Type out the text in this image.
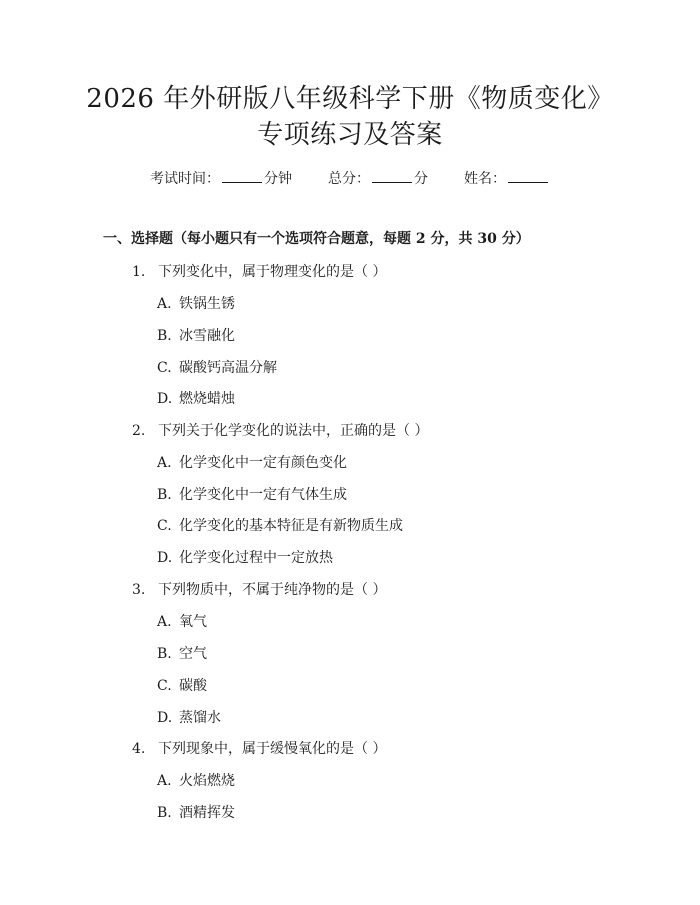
2026 年外研版八年级科学下册《物质变化》
专项练习及答案
考试时间：	分钟	总分：	分	姓名：
一、选择题（每小题只有一个选项符合题意，每题 2 分，共 30 分）
1. 下列变化中，属于物理变化的是（ ）
A. 铁锅生锈
B. 冰雪融化
C. 碳酸钙高温分解
D. 燃烧蜡烛
2. 下列关于化学变化的说法中，正确的是（ ）
A. 化学变化中一定有颜色变化
B. 化学变化中一定有气体生成
C. 化学变化的基本特征是有新物质生成
D. 化学变化过程中一定放热
3. 下列物质中，不属于纯净物的是（ ）
A. 氧气
B. 空气
C. 碳酸
D. 蒸馏水
4. 下列现象中，属于缓慢氧化的是（ ）
A. 火焰燃烧
B. 酒精挥发
